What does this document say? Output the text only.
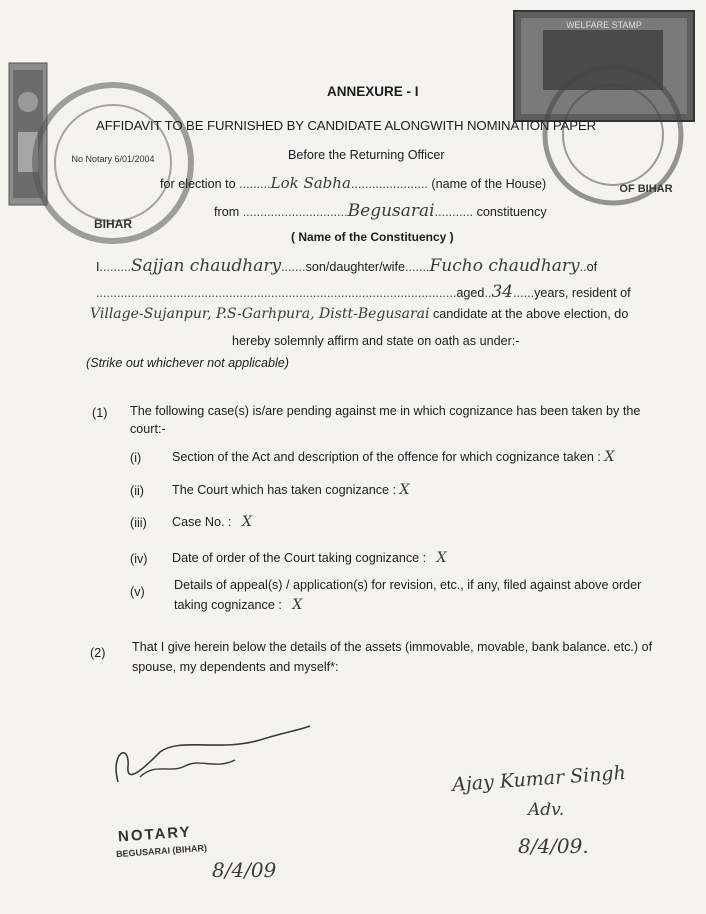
BIHAR
No Notary 6/01/2004
WELFARE STAMP
OF BIHAR
ANNEXURE - I
AFFIDAVIT TO BE FURNISHED BY CANDIDATE ALONGWITH NOMINATION PAPER
Before the Returning Officer
for election to .........Lok Sabha...................... (name of the House)
from ..............................Begusarai........... constituency
( Name of the Constituency )
I.........Sajjan chaudhary.......son/daughter/wife.......Fucho chaudhary..of
.......................................................................................................aged..34......years, resident of
Village-Sujanpur, P.S-Garhpura, Distt-Begusarai candidate at the above election, do
hereby solemnly affirm and state on oath as under:-
(Strike out whichever not applicable)
(1) The following case(s) is/are pending against me in which cognizance has been taken by the
court:-
(i) Section of the Act and description of the offence for which cognizance taken : X
(ii) The Court which has taken cognizance : X
(iii) Case No. : X
(iv) Date of order of the Court taking cognizance : X
(v) Details of appeal(s) / application(s) for revision, etc., if any, filed against above order
taking cognizance : X
(2) That I give herein below the details of the assets (immovable, movable, bank balance. etc.) of
spouse, my dependents and myself*:
NOTARY
BEGUSARAI (BIHAR)
8/4/09
Ajay Kumar Singh
Adv.
8/4/09.
